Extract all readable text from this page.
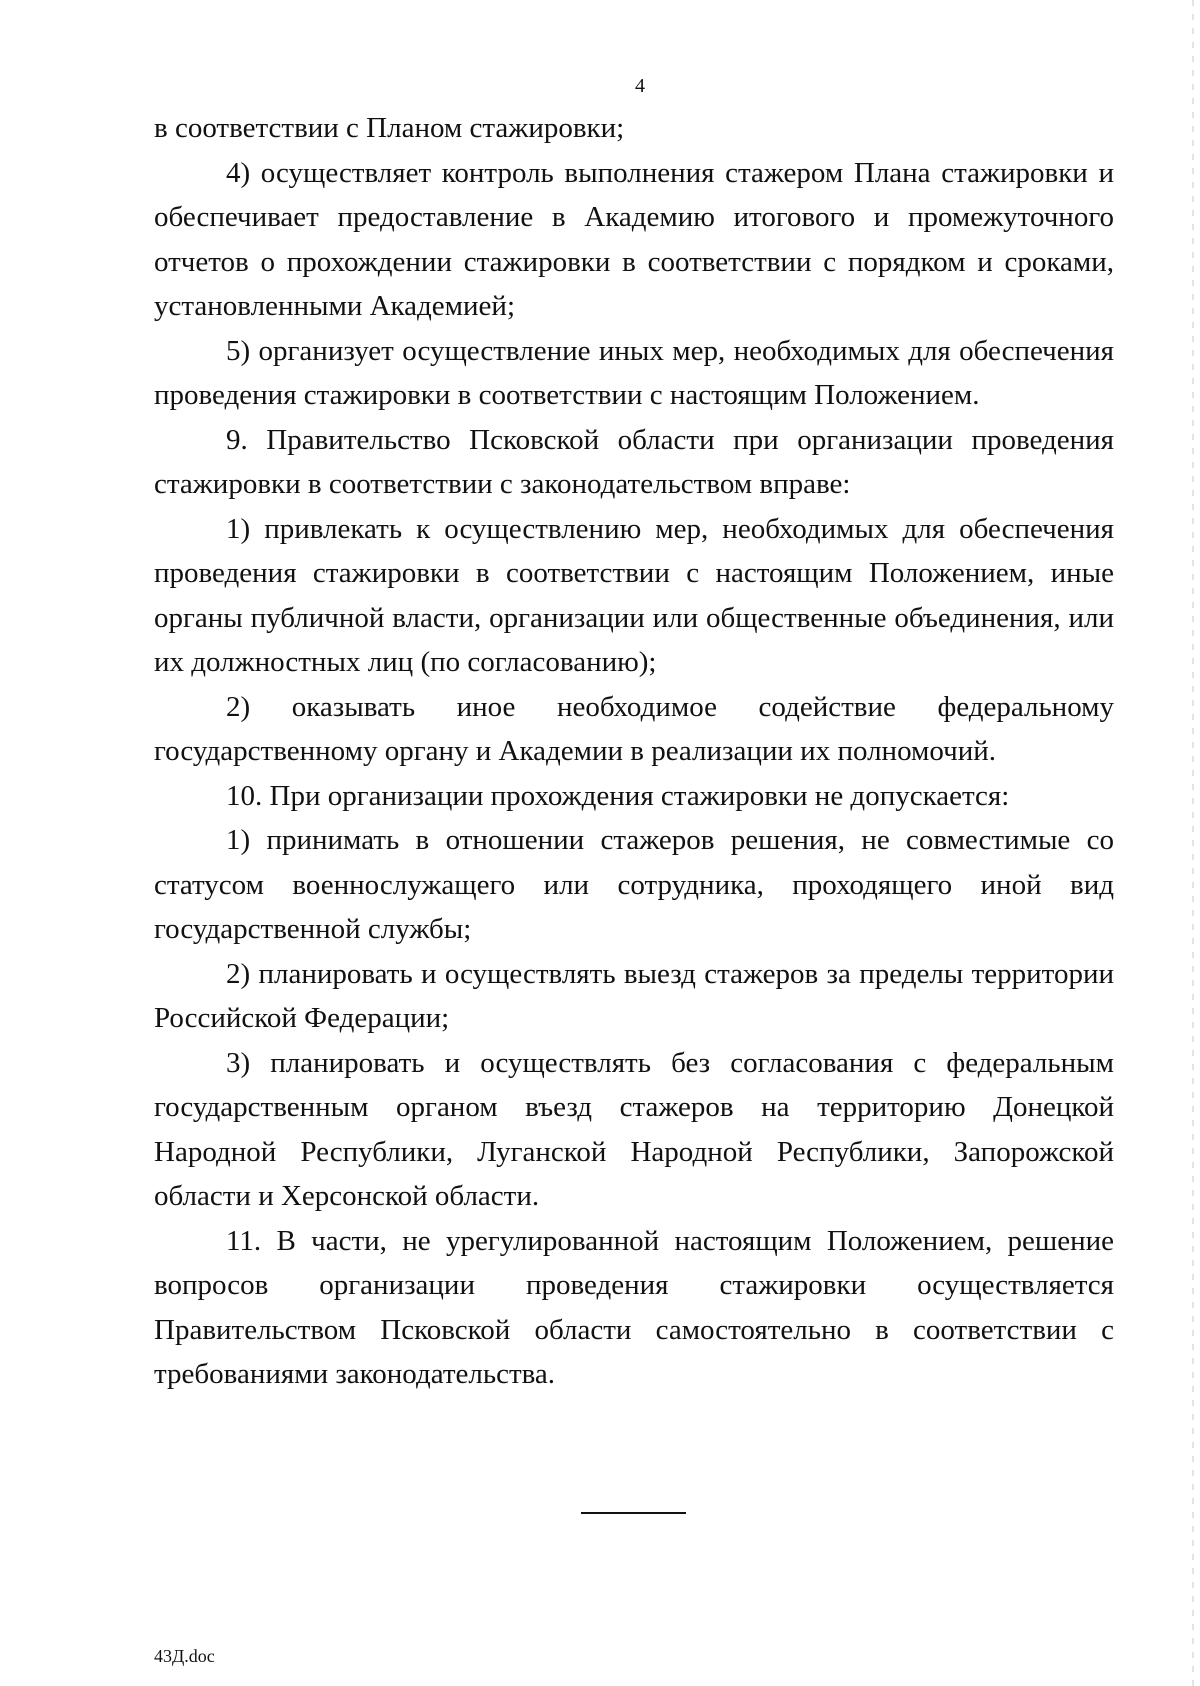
4

в соответствии с Планом стажировки;

4) осуществляет контроль выполнения стажером Плана стажировки и обеспечивает предоставление в Академию итогового и промежуточного отчетов о прохождении стажировки в соответствии с порядком и сроками, установленными Академией;

5) организует осуществление иных мер, необходимых для обеспечения проведения стажировки в соответствии с настоящим Положением.

9. Правительство Псковской области при организации проведения стажировки в соответствии с законодательством вправе:

1) привлекать к осуществлению мер, необходимых для обеспечения проведения стажировки в соответствии с настоящим Положением, иные органы публичной власти, организации или общественные объединения, или их должностных лиц (по согласованию);

2) оказывать иное необходимое содействие федеральному государственному органу и Академии в реализации их полномочий.

10. При организации прохождения стажировки не допускается:

1) принимать в отношении стажеров решения, не совместимые со статусом военнослужащего или сотрудника, проходящего иной вид государственной службы;

2) планировать и осуществлять выезд стажеров за пределы территории Российской Федерации;

3) планировать и осуществлять без согласования с федеральным государственным органом въезд стажеров на территорию Донецкой Народной Республики, Луганской Народной Республики, Запорожской области и Херсонской области.

11. В части, не урегулированной настоящим Положением, решение вопросов организации проведения стажировки осуществляется Правительством Псковской области самостоятельно в соответствии с требованиями законодательства.

43Д.doc
